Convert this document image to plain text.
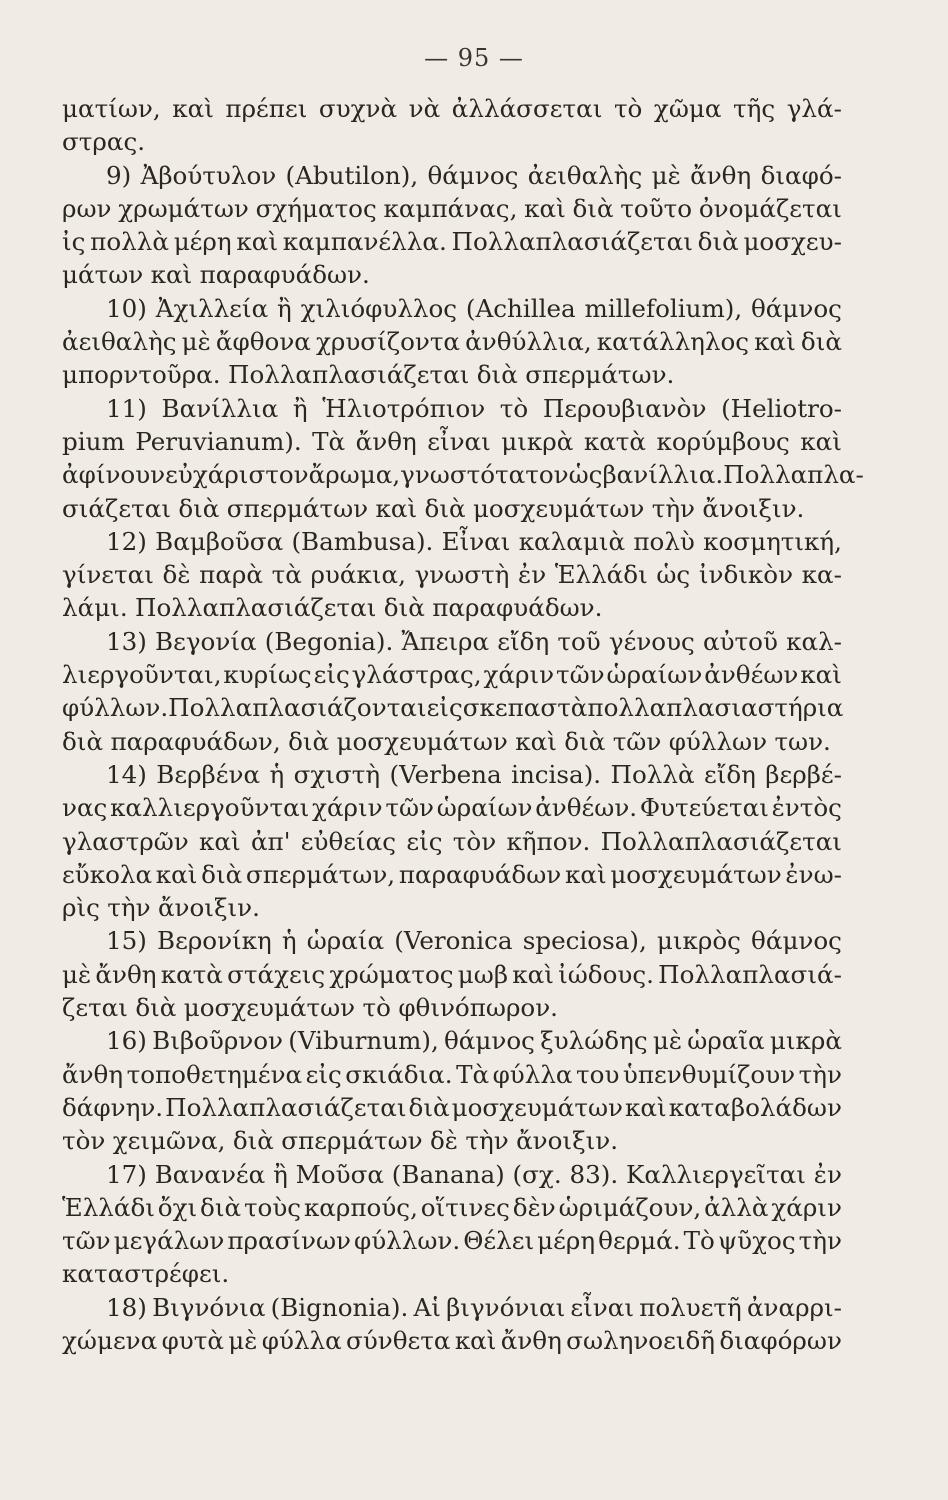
— 95 —
ματίων, καὶ πρέπει συχνὰ νὰ ἀλλάσσεται τὸ χῶμα τῆς γλά-
στρας.
9) Ἀβούτυλον (Abutilon), θάμνος ἀειθαλὴς μὲ ἄνθη διαφό-
ρων χρωμάτων σχήματος καμπάνας, καὶ διὰ τοῦτο ὀνομάζεται
ἰς πολλὰ μέρη καὶ καμπανέλλα. Πολλαπλασιάζεται διὰ μοσχευ-
μάτων καὶ παραφυάδων.
10) Ἀχιλλεία ἢ χιλιόφυλλος (Achillea millefolium), θάμνος
ἀειθαλὴς μὲ ἄφθονα χρυσίζοντα ἀνθύλλια, κατάλληλος καὶ διὰ
μπορντοῦρα. Πολλαπλασιάζεται διὰ σπερμάτων.
11) Βανίλλια ἢ Ἡλιοτρόπιον τὸ Περουβιανὸν (Heliotro-
pium Peruvianum). Τὰ ἄνθη εἶναι μικρὰ κατὰ κορύμβους καὶ
ἀφίνουν εὐχάριστον ἄρωμα, γνωστότατον ὡς βανίλλια. Πολλαπλα-
σιάζεται διὰ σπερμάτων καὶ διὰ μοσχευμάτων τὴν ἄνοιξιν.
12) Βαμβοῦσα (Bambusa). Εἶναι καλαμιὰ πολὺ κοσμητική,
γίνεται δὲ παρὰ τὰ ρυάκια, γνωστὴ ἐν Ἑλλάδι ὡς ἰνδικὸν κα-
λάμι. Πολλαπλασιάζεται διὰ παραφυάδων.
13) Βεγονία (Begonia). Ἄπειρα εἴδη τοῦ γένους αὐτοῦ καλ-
λιεργοῦνται, κυρίως εἰς γλάστρας, χάριν τῶν ὡραίων ἀνθέων καὶ
φύλλων. Πολλαπλασιάζονται εἰς σκεπαστὰ πολλαπλασιαστήρια
διὰ παραφυάδων, διὰ μοσχευμάτων καὶ διὰ τῶν φύλλων των.
14) Βερβένα ἡ σχιστὴ (Verbena incisa). Πολλὰ εἴδη βερβέ-
νας καλλιεργοῦνται χάριν τῶν ὡραίων ἀνθέων. Φυτεύεται ἐντὸς
γλαστρῶν καὶ ἀπ' εὐθείας εἰς τὸν κῆπον. Πολλαπλασιάζεται
εὔκολα καὶ διὰ σπερμάτων, παραφυάδων καὶ μοσχευμάτων ἐνω-
ρὶς τὴν ἄνοιξιν.
15) Βερονίκη ἡ ὡραία (Veronica speciosa), μικρὸς θάμνος
μὲ ἄνθη κατὰ στάχεις χρώματος μωβ καὶ ἰώδους. Πολλαπλασιά-
ζεται διὰ μοσχευμάτων τὸ φθινόπωρον.
16) Βιβοῦρνον (Viburnum), θάμνος ξυλώδης μὲ ὡραῖα μικρὰ
ἄνθη τοποθετημένα εἰς σκιάδια. Τὰ φύλλα του ὑπενθυμίζουν τὴν
δάφνην. Πολλαπλασιάζεται διὰ μοσχευμάτων καὶ καταβολάδων
τὸν χειμῶνα, διὰ σπερμάτων δὲ τὴν ἄνοιξιν.
17) Βανανέα ἢ Μοῦσα (Banana) (σχ. 83). Καλλιεργεῖται ἐν
Ἑλλάδι ὄχι διὰ τοὺς καρπούς, οἵτινες δὲν ὡριμάζουν, ἀλλὰ χάριν
τῶν μεγάλων πρασίνων φύλλων. Θέλει μέρη θερμά. Τὸ ψῦχος τὴν
καταστρέφει.
18) Βιγνόνια (Bignonia). Αἱ βιγνόνιαι εἶναι πολυετῆ ἀναρρι-
χώμενα φυτὰ μὲ φύλλα σύνθετα καὶ ἄνθη σωληνοειδῆ διαφόρων
